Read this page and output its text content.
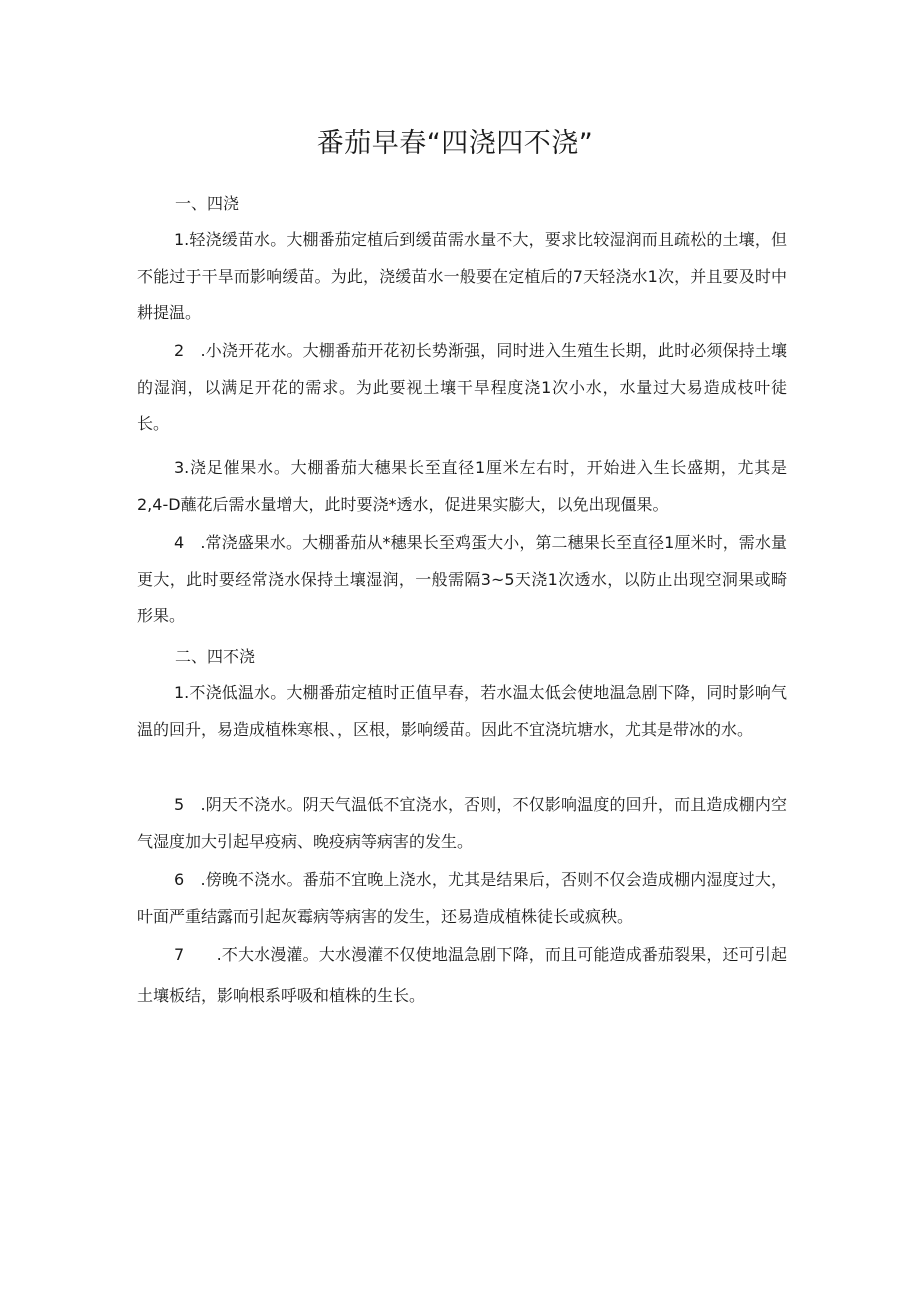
番茄早春“四浇四不浇”

一、四浇

1.轻浇缓苗水。大棚番茄定植后到缓苗需水量不大，要求比较湿润而且疏松的土壤，但不能过于干旱而影响缓苗。为此，浇缓苗水一般要在定植后的7天轻浇水1次，并且要及时中耕提温。

2　.小浇开花水。大棚番茄开花初长势渐强，同时进入生殖生长期，此时必须保持土壤的湿润，以满足开花的需求。为此要视土壤干旱程度浇1次小水，水量过大易造成枝叶徒长。

3.浇足催果水。大棚番茄大穗果长至直径1厘米左右时，开始进入生长盛期，尤其是2,4-D蘸花后需水量增大，此时要浇*透水，促进果实膨大，以免出现僵果。

4　.常浇盛果水。大棚番茄从*穗果长至鸡蛋大小，第二穗果长至直径1厘米时，需水量更大，此时要经常浇水保持土壤湿润，一般需隔3~5天浇1次透水，以防止出现空洞果或畸形果。

二、四不浇

1.不浇低温水。大棚番茄定植时正值早春，若水温太低会使地温急剧下降，同时影响气温的回升，易造成植株寒根、，区根，影响缓苗。因此不宜浇坑塘水，尤其是带冰的水。

5　.阴天不浇水。阴天气温低不宜浇水，否则，不仅影响温度的回升，而且造成棚内空气湿度加大引起早疫病、晚疫病等病害的发生。

6　.傍晚不浇水。番茄不宜晚上浇水，尤其是结果后，否则不仅会造成棚内湿度过大，叶面严重结露而引起灰霉病等病害的发生，还易造成植株徒长或疯秧。

7　　.不大水漫灌。大水漫灌不仅使地温急剧下降，而且可能造成番茄裂果，还可引起土壤板结，影响根系呼吸和植株的生长。
